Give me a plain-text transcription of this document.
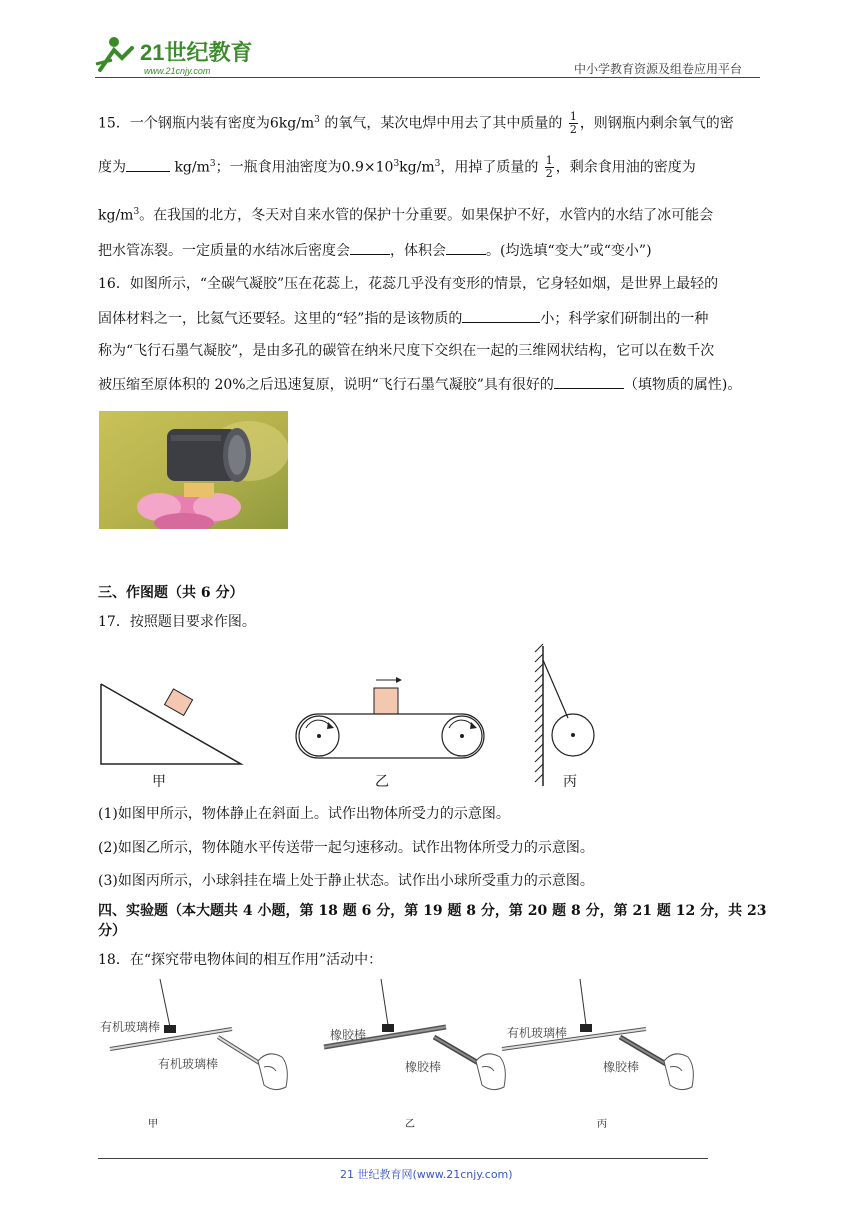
21世纪教育
www.21cnjy.com	中小学教育资源及组卷应用平台
15．一个钢瓶内装有密度为$6kg/m^3$ 的氧气，某次电焊中用去了其中质量的 $\frac{1}{2}$ ，则钢瓶内剩余氧气的密
度为	$kg/m^3$；一瓶食用油密度为$0.9\times 10^3kg/m^3$，用掉了质量的 $\frac{1}{2}$ ，剩余食用油的密度为
$kg/m^3$。在我国的北方，冬天对自来水管的保护十分重要。如果保护不好，水管内的水结了冰可能会
把水管冻裂。一定质量的水结冰后密度会	，体积会	。(均选填“变大”或“变小”)
16．如图所示，“全碳气凝胶”压在花蕊上，花蕊几乎没有变形的情景，它身轻如烟，是世界上最轻的
固体材料之一，比氦气还要轻。这里的“轻”指的是该物质的	小；科学家们研制出的一种
称为“飞行石墨气凝胶”，是由多孔的碳管在纳米尺度下交织在一起的三维网状结构，它可以在数千次
被压缩至原体积的 20%之后迅速复原，说明“飞行石墨气凝胶”具有很好的	（填物质的属性)。
三、作图题（共 6 分）
17．按照题目要求作图。
甲	乙	丙
(1)如图甲所示，物体静止在斜面上。试作出物体所受力的示意图。
(2)如图乙所示，物体随水平传送带一起匀速移动。试作出物体所受力的示意图。
(3)如图丙所示，小球斜挂在墙上处于静止状态。试作出小球所受重力的示意图。
四、实验题（本大题共 4 小题，第 18 题 6 分，第 19 题 8 分，第 20 题 8 分，第 21 题 12 分，共 23
分）
18．在“探究带电物体间的相互作用”活动中：
有机玻璃棒
有机玻璃棒
橡胶棒
橡胶棒
有机玻璃棒
橡胶棒
甲	乙	丙
21 世纪教育网(www.21cnjy.com)
